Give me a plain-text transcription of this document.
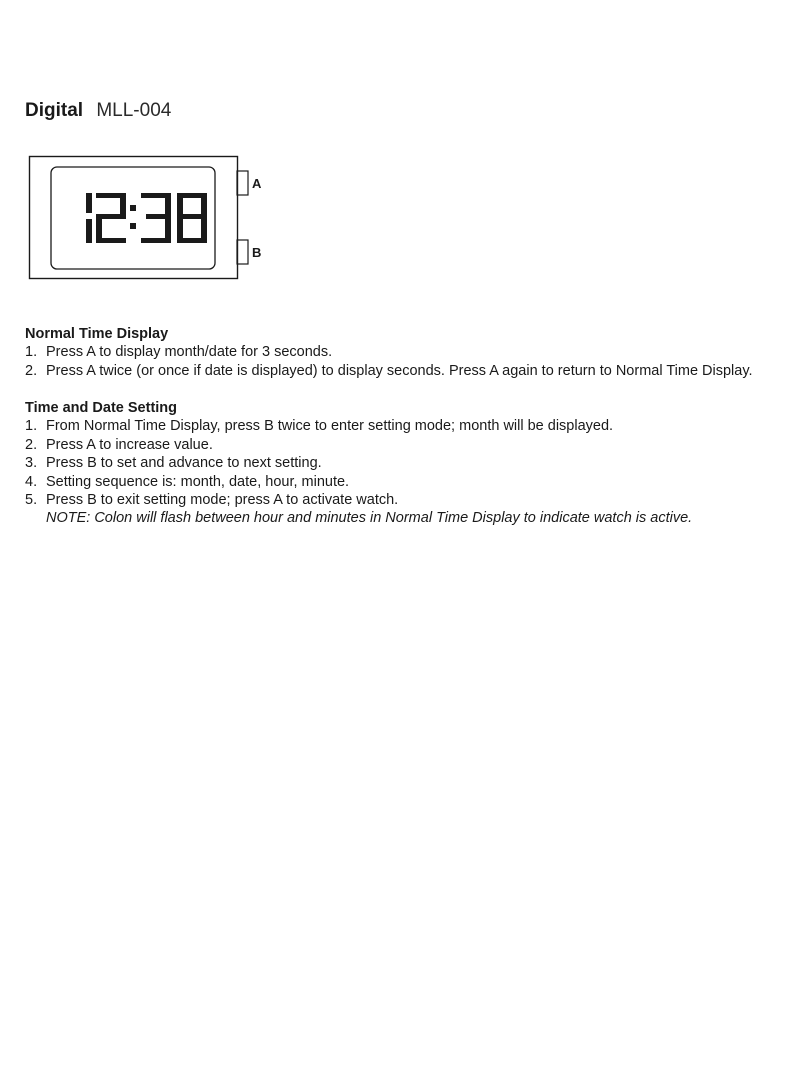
Digital MLL-004
A
B

Normal Time Display

1. Press A to display month/date for 3 seconds.
2. Press A twice (or once if date is displayed) to display seconds. Press A again to return to Normal Time Display.

Time and Date Setting

1. From Normal Time Display, press B twice to enter setting mode; month will be displayed.
2. Press A to increase value.
3. Press B to set and advance to next setting.
4. Setting sequence is: month, date, hour, minute.
5. Press B to exit setting mode; press A to activate watch.
NOTE: Colon will flash between hour and minutes in Normal Time Display to indicate watch is active.
